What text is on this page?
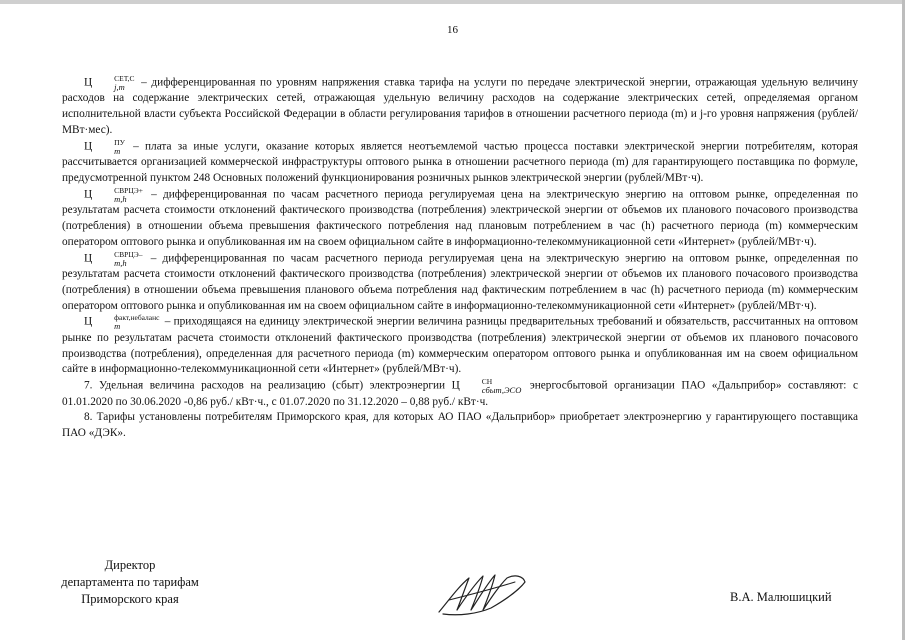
16

Ц	СЕТ,С
j,m	– дифференцированная по уровням напряжения ставка тарифа на услуги по передаче электрической энергии, отражающая удельную величину расходов на содержание электрических сетей, отражающая удельную величину расходов на содержание электрических сетей, определяемая органом исполнительной власти субъекта Российской Федерации в области регулирования тарифов в отношении расчетного периода (m) и j-го уровня напряжения (рублей/МВт·мес).

Ц	ПУ
m – плата за иные услуги, оказание которых является неотъемлемой частью процесса поставки электрической энергии потребителям, которая рассчитывается организацией коммерческой инфраструктуры оптового рынка в отношении расчетного периода (m) для гарантирующего поставщика по формуле, предусмотренной пунктом 248 Основных положений функционирования розничных рынков электрической энергии (рублей/МВт·ч).

Ц	СВРЦЭ+
m,h	– дифференцированная по часам расчетного периода регулируемая цена на электрическую энергию на оптовом рынке, определенная по результатам расчета стоимости отклонений фактического производства (потребления) электрической энергии от объемов их планового почасового производства (потребления) в отношении объема превышения фактического потребления над плановым потреблением в час (h) расчетного периода (m) коммерческим оператором оптового рынка и опубликованная им на своем официальном сайте в информационно-телекоммуникационной сети «Интернет» (рублей/МВт·ч).

Ц	СВРЦЭ–
m,h	– дифференцированная по часам расчетного периода регулируемая цена на электрическую энергию на оптовом рынке, определенная по результатам расчета стоимости отклонений фактического производства (потребления) электрической энергии от объемов их планового почасового производства (потребления) в отношении объема превышения планового объема потребления над фактическим потреблением в час (h) расчетного периода (m) коммерческим оператором оптового рынка и опубликованная им на своем официальном сайте в информационно-телекоммуникационной сети «Интернет» (рублей/МВт·ч).

Ц	факт,небаланс
m	– приходящаяся на единицу электрической энергии величина разницы предварительных требований и обязательств, рассчитанных на оптовом рынке по результатам расчета стоимости отклонений фактического производства (потребления) электрической энергии от объемов их планового почасового производства (потребления), определенная для расчетного периода (m) коммерческим оператором оптового рынка и опубликованная им на своем официальном сайте в информационно-телекоммуникационной сети «Интернет» (рублей/МВт·ч).

7. Удельная величина расходов на реализацию (сбыт) электроэнергии Ц	СН
сбыт,ЭСО энергосбытовой организации ПАО «Дальприбор» составляют: с 01.01.2020 по 30.06.2020 -0,86 руб./ кВт·ч., с 01.07.2020 по 31.12.2020 – 0,88 руб./ кВт·ч.

8. Тарифы установлены потребителям Приморского края, для которых АО ПАО «Дальприбор» приобретает электроэнергию у гарантирующего поставщика ПАО «ДЭК».

Директор
департамента по тарифам
Приморского края	В.А. Малюшицкий
